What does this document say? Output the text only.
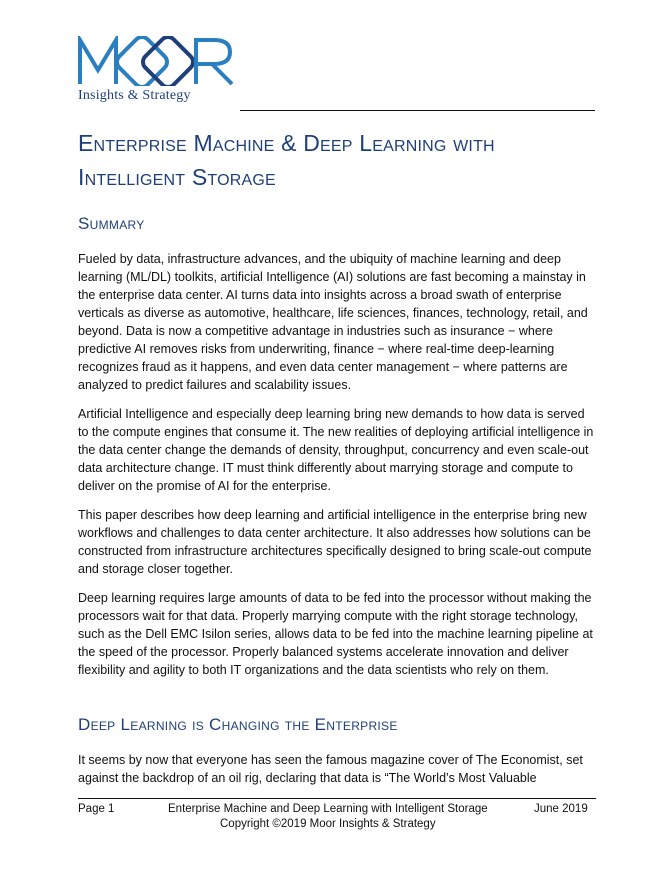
Insights & Strategy
Enterprise Machine & Deep Learning with Intelligent Storage
Summary

Fueled by data, infrastructure advances, and the ubiquity of machine learning and deep learning (ML/DL) toolkits, artificial Intelligence (AI) solutions are fast becoming a mainstay in the enterprise data center. AI turns data into insights across a broad swath of enterprise verticals as diverse as automotive, healthcare, life sciences, finances, technology, retail, and beyond. Data is now a competitive advantage in industries such as insurance − where predictive AI removes risks from underwriting, finance − where real-time deep-learning recognizes fraud as it happens, and even data center management − where patterns are analyzed to predict failures and scalability issues.

Artificial Intelligence and especially deep learning bring new demands to how data is served to the compute engines that consume it. The new realities of deploying artificial intelligence in the data center change the demands of density, throughput, concurrency and even scale-out data architecture change. IT must think differently about marrying storage and compute to deliver on the promise of AI for the enterprise.

This paper describes how deep learning and artificial intelligence in the enterprise bring new workflows and challenges to data center architecture. It also addresses how solutions can be constructed from infrastructure architectures specifically designed to bring scale-out compute and storage closer together.

Deep learning requires large amounts of data to be fed into the processor without making the processors wait for that data. Properly marrying compute with the right storage technology, such as the Dell EMC Isilon series, allows data to be fed into the machine learning pipeline at the speed of the processor. Properly balanced systems accelerate innovation and deliver flexibility and agility to both IT organizations and the data scientists who rely on them.

Deep Learning is Changing the Enterprise

It seems by now that everyone has seen the famous magazine cover of The Economist, set against the backdrop of an oil rig, declaring that data is “The World’s Most Valuable

Page 1	Enterprise Machine and Deep Learning with Intelligent Storage	June 2019
Copyright ©2019 Moor Insights & Strategy
